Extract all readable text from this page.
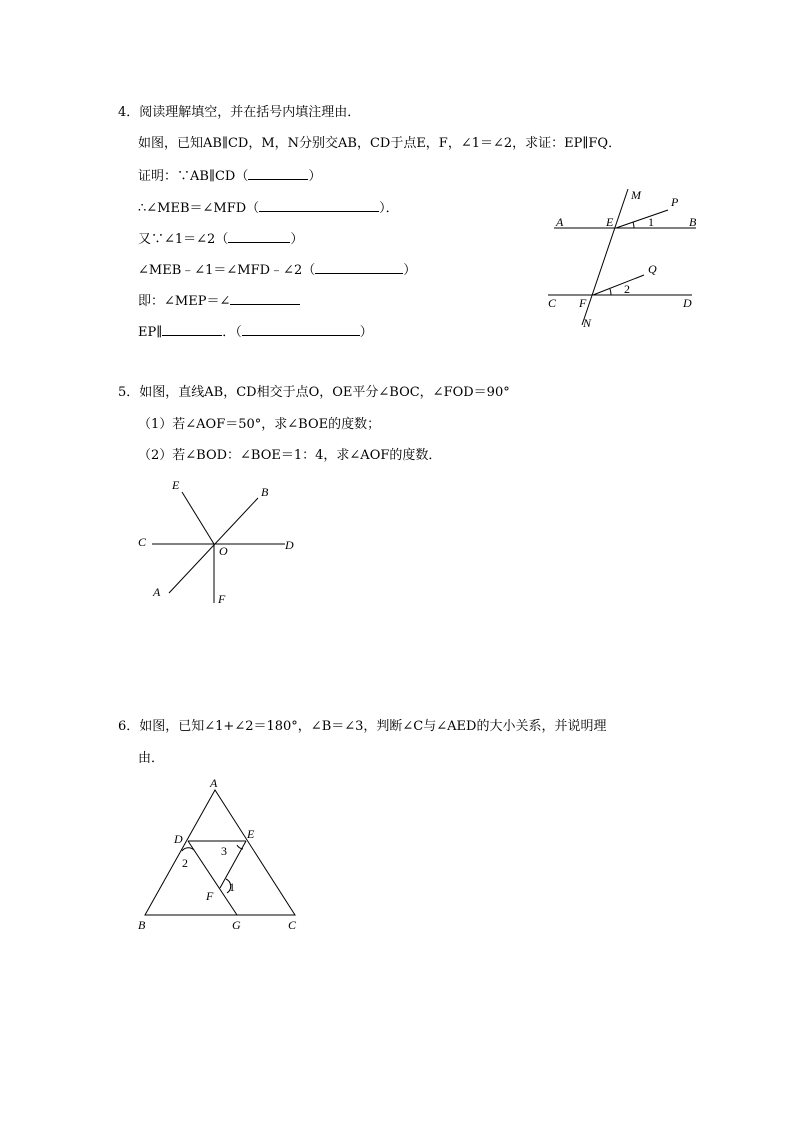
4．阅读理解填空，并在括号内填注理由．
如图，已知AB∥CD，M，N分别交AB，CD于点E，F，∠1＝∠2，求证：EP∥FQ．
证明：∵AB∥CD（	）
∴∠MEB＝∠MFD（	）．
又∵∠1＝∠2（	）
∠MEB﹣∠1＝∠MFD﹣∠2（	）
即：∠MEP＝∠
EP∥	．（	）
A	B
C	D
E
F
M
N
P
Q
1
2
5．如图，直线AB，CD相交于点O，OE平分∠BOC，∠FOD＝90°
（1）若∠AOF＝50°，求∠BOE的度数；
（2）若∠BOD：∠BOE＝1：4，求∠AOF的度数．
C	D
E	B
A	F
O
6．如图，已知∠1+∠2＝180°，∠B＝∠3，判断∠C与∠AED的大小关系，并说明理
由．
A
D	E
F
B	G	C
2
3
1
